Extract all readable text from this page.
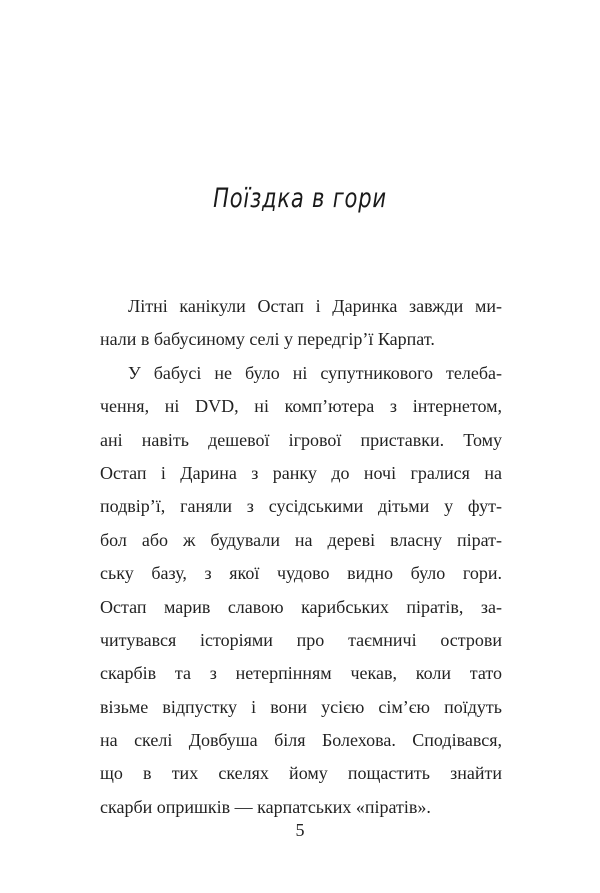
Поїздка в гори
Літні канікули Остап і Даринка завжди ми-
нали в бабусиному селі у передгір’ї Карпат.
У бабусі не було ні супутникового телеба-
чення, ні DVD, ні комп’ютера з інтернетом,
ані навіть дешевої ігрової приставки. Тому
Остап і Дарина з ранку до ночі гралися на
подвір’ї, ганяли з сусідськими дітьми у фут-
бол або ж будували на дереві власну пірат-
ську базу, з якої чудово видно було гори.
Остап марив славою карибських піратів, за-
читувався історіями про таємничі острови
скарбів та з нетерпінням чекав, коли тато
візьме відпустку і вони усією сім’єю поїдуть
на скелі Довбуша біля Болехова. Сподівався,
що в тих скелях йому пощастить знайти
скарби опришків — карпатських «піратів».
5
